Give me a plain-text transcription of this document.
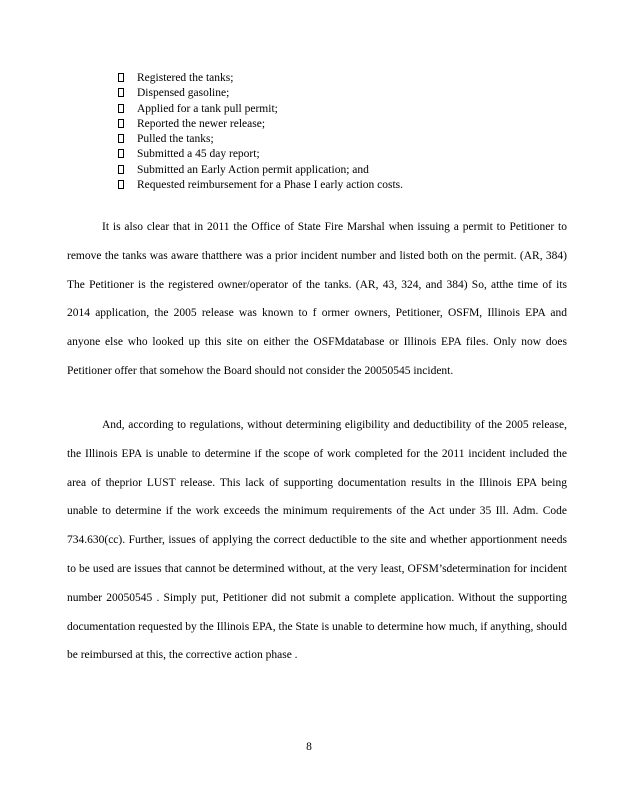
Registered the tanks;
Dispensed gasoline;
Applied for a tank pull permit;
Reported the newer release;
Pulled the tanks;
Submitted a 45 day report;
Submitted an Early Action permit application; and
Requested reimbursement for a Phase I early action costs.

It is also clear that in 2011 the Office of State Fire Marshal when issuing a permit to Petitioner to remove the tanks was aware thatthere was a prior incident number and listed both on the permit. (AR, 384) The Petitioner is the registered owner/operator of the tanks. (AR, 43, 324, and 384) So, atthe time of its 2014 application, the 2005 release was known to f ormer owners, Petitioner, OSFM, Illinois EPA and anyone else who looked up this site on either the OSFMdatabase or Illinois EPA files. Only now does Petitioner offer that somehow the Board should not consider the 20050545 incident.

And, according to regulations, without determining eligibility and deductibility of the 2005 release, the Illinois EPA is unable to determine if the scope of work completed for the 2011 incident included the area of theprior LUST release. This lack of supporting documentation results in the Illinois EPA being unable to determine if the work exceeds the minimum requirements of the Act under 35 Ill. Adm. Code 734.630(cc). Further, issues of applying the correct deductible to the site and whether apportionment needs to be used are issues that cannot be determined without, at the very least, OFSM’sdetermination for incident number 20050545 . Simply put, Petitioner did not submit a complete application. Without the supporting documentation requested by the Illinois EPA, the State is unable to determine how much, if anything, should be reimbursed at this, the corrective action phase .

8
